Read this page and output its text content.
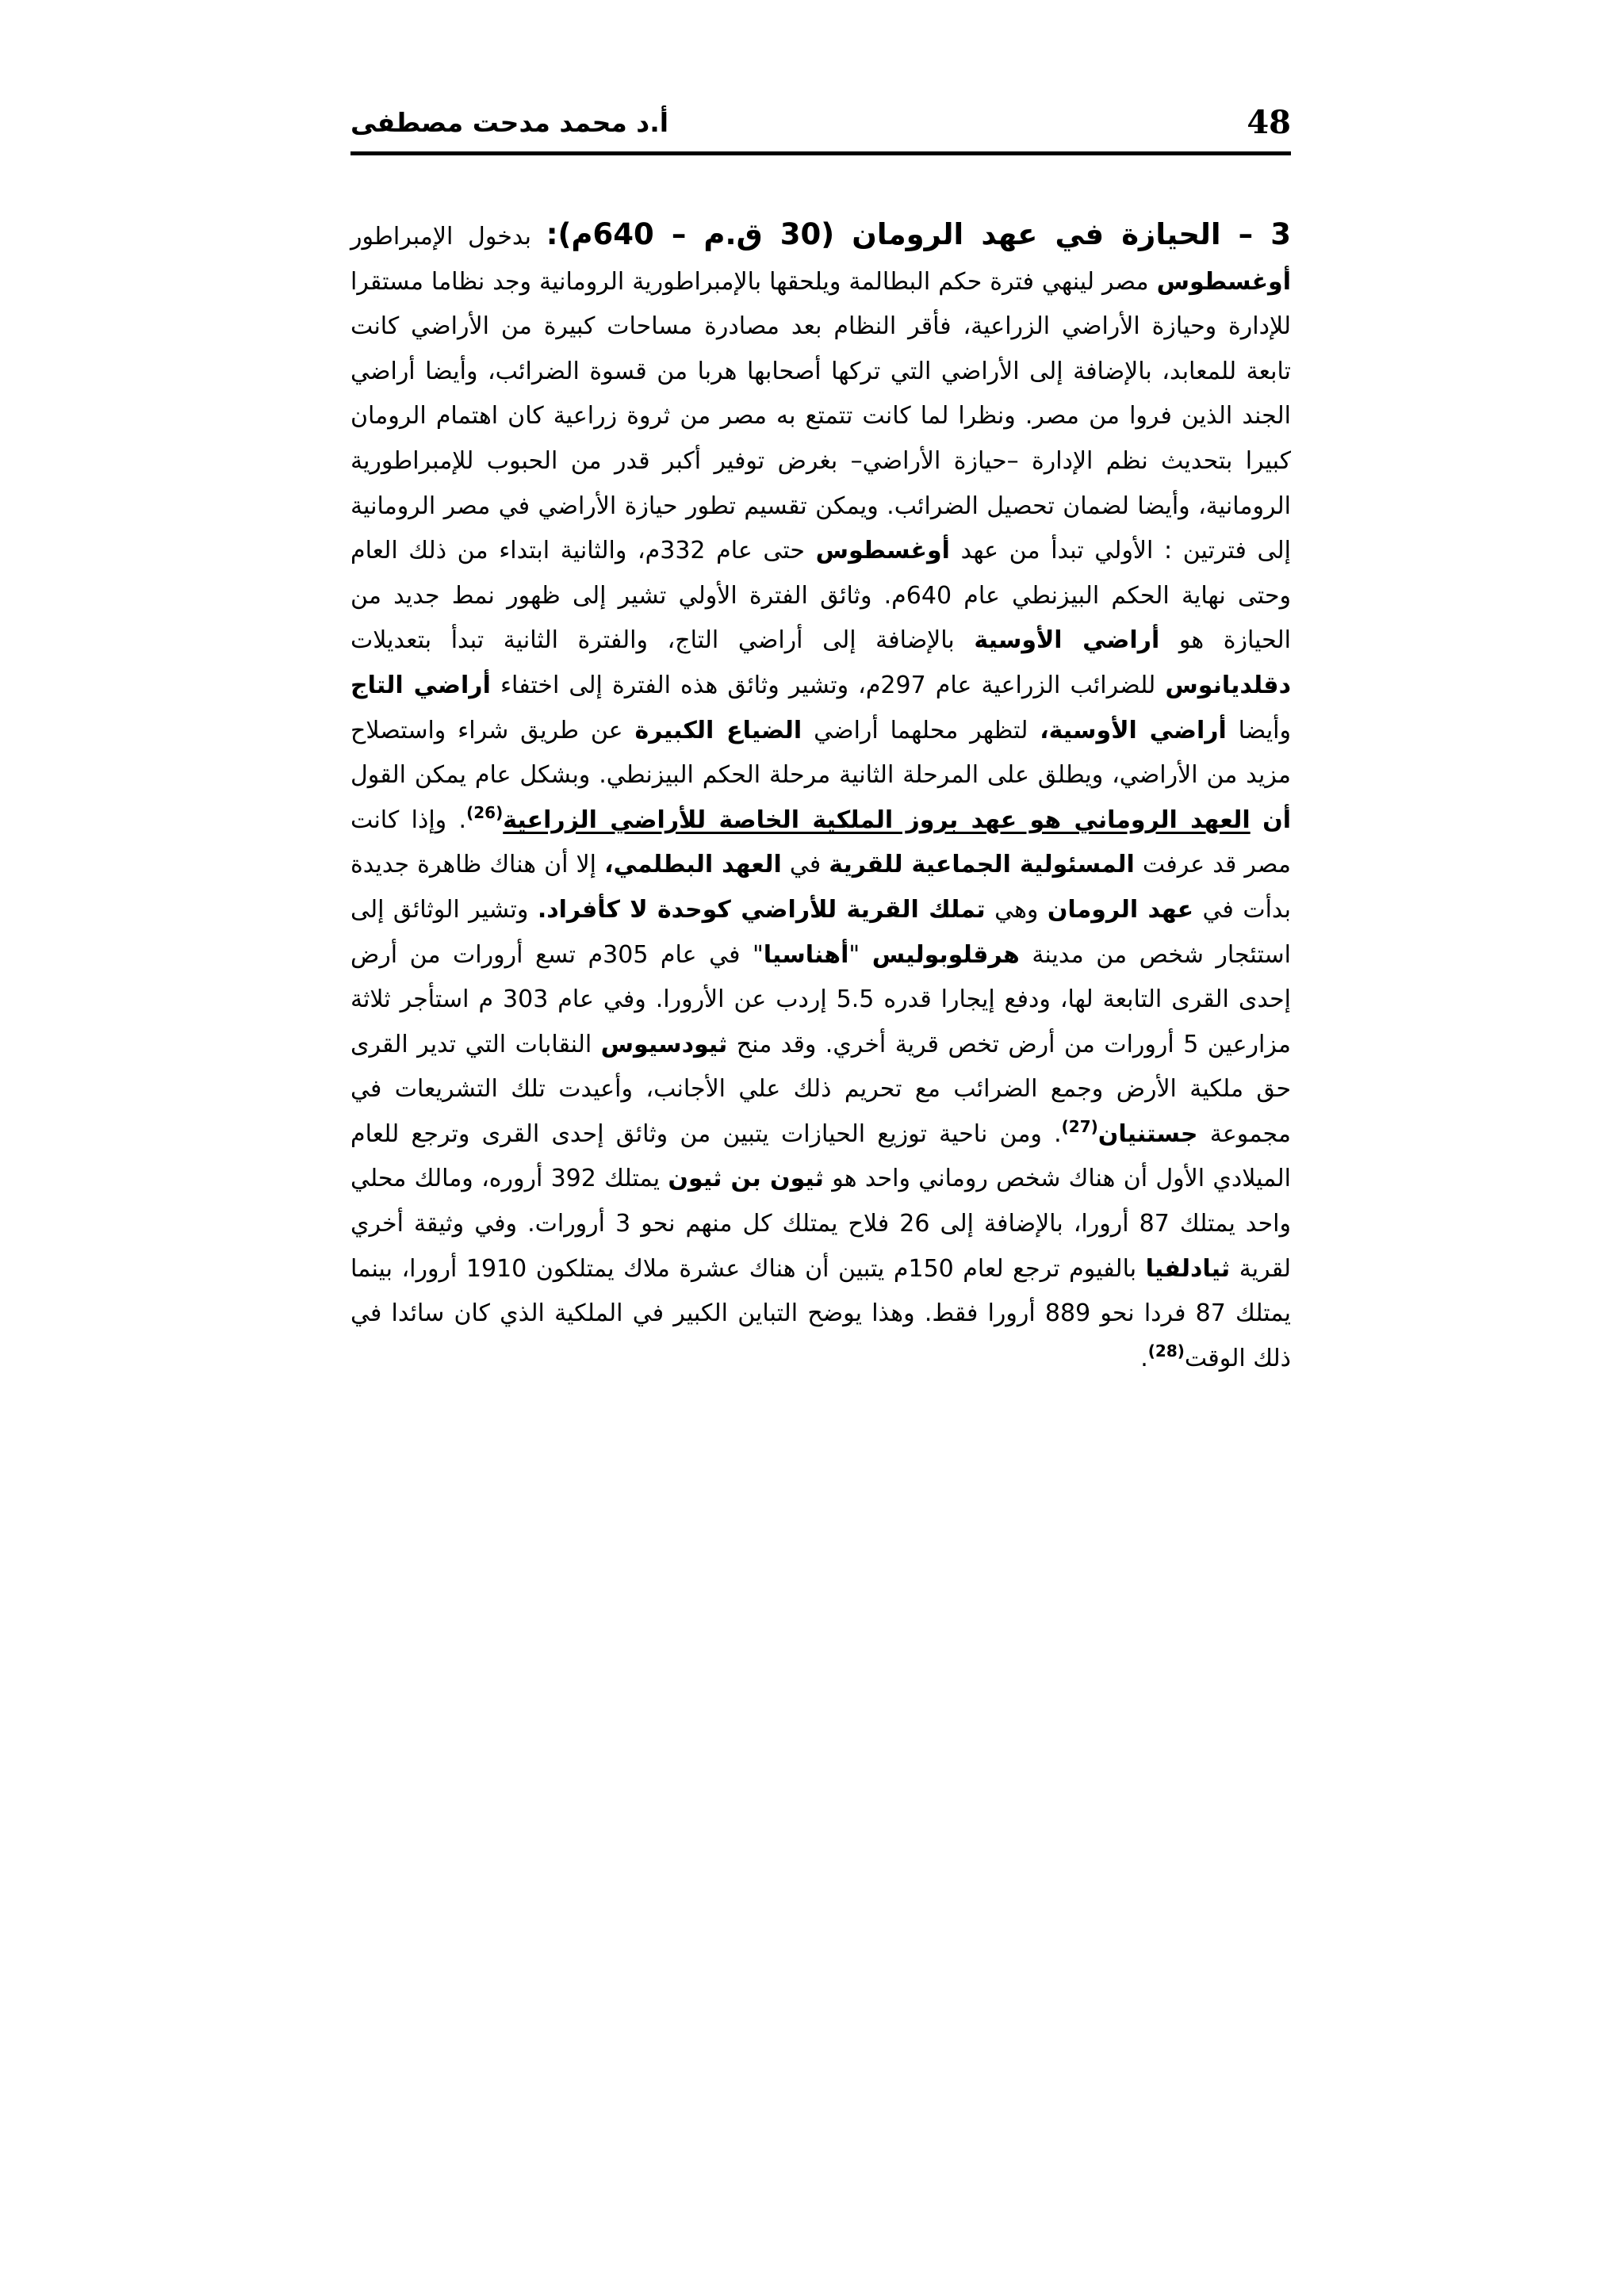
48
أ.د محمد مدحت مصطفى

3 – الحيازة في عهد الرومان (30 ق.م – 640م): بدخول الإمبراطور أوغسطوس مصر لينهي فترة حكم البطالمة ويلحقها بالإمبراطورية الرومانية وجد نظاما مستقرا للإدارة وحيازة الأراضي الزراعية، فأقر النظام بعد مصادرة مساحات كبيرة من الأراضي كانت تابعة للمعابد، بالإضافة إلى الأراضي التي تركها أصحابها هربا من قسوة الضرائب، وأيضا أراضي الجند الذين فروا من مصر. ونظرا لما كانت تتمتع به مصر من ثروة زراعية كان اهتمام الرومان كبيرا بتحديث نظم الإدارة –حيازة الأراضي– بغرض توفير أكبر قدر من الحبوب للإمبراطورية الرومانية، وأيضا لضمان تحصيل الضرائب. ويمكن تقسيم تطور حيازة الأراضي في مصر الرومانية إلى فترتين : الأولي تبدأ من عهد أوغسطوس حتى عام 332م، والثانية ابتداء من ذلك العام وحتى نهاية الحكم البيزنطي عام 640م. وثائق الفترة الأولي تشير إلى ظهور نمط جديد من الحيازة هو أراضي الأوسية بالإضافة إلى أراضي التاج، والفترة الثانية تبدأ بتعديلات دقلديانوس للضرائب الزراعية عام 297م، وتشير وثائق هذه الفترة إلى اختفاء أراضي التاج وأيضا أراضي الأوسية، لتظهر محلهما أراضي الضياع الكبيرة عن طريق شراء واستصلاح مزيد من الأراضي، ويطلق على المرحلة الثانية مرحلة الحكم البيزنطي. وبشكل عام يمكن القول أن العهد الروماني هو عهد بروز الملكية الخاصة للأراضي الزراعية$^{(26)}$. وإذا كانت مصر قد عرفت المسئولية الجماعية للقرية في العهد البطلمي، إلا أن هناك ظاهرة جديدة بدأت في عهد الرومان وهي تملك القرية للأراضي كوحدة لا كأفراد. وتشير الوثائق إلى استئجار شخص من مدينة هرقلوبوليس "أهناسيا" في عام 305م تسع أرورات من أرض إحدى القرى التابعة لها، ودفع إيجارا قدره 5.5 إردب عن الأرورا. وفي عام 303 م استأجر ثلاثة مزارعين 5 أرورات من أرض تخص قرية أخري. وقد منح ثيودسيوس النقابات التي تدير القرى حق ملكية الأرض وجمع الضرائب مع تحريم ذلك علي الأجانب، وأعيدت تلك التشريعات في مجموعة جستنيان$^{(27)}$. ومن ناحية توزيع الحيازات يتبين من وثائق إحدى القرى وترجع للعام الميلادي الأول أن هناك شخص روماني واحد هو ثيون بن ثيون يمتلك 392 أروره، ومالك محلي واحد يمتلك 87 أرورا، بالإضافة إلى 26 فلاح يمتلك كل منهم نحو 3 أرورات. وفي وثيقة أخري لقرية ثيادلفيا بالفيوم ترجع لعام 150م يتبين أن هناك عشرة ملاك يمتلكون 1910 أرورا، بينما يمتلك 87 فردا نحو 889 أرورا فقط. وهذا يوضح التباين الكبير في الملكية الذي كان سائدا في ذلك الوقت$^{(28)}$.
